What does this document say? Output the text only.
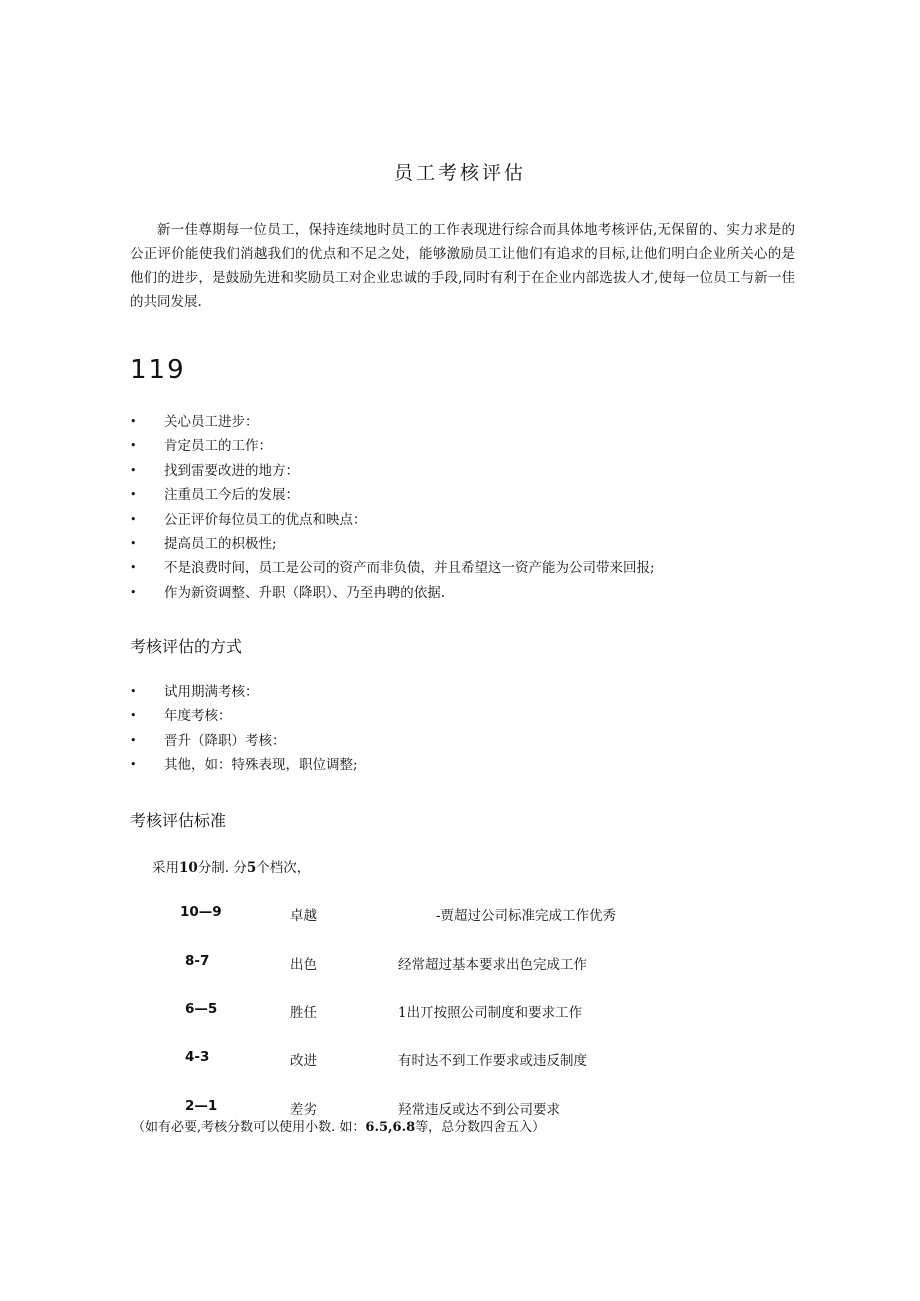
员工考核评估

新一佳尊期每一位员工，保持连续地时员工的工作表现进行综合而具体地考核评估,无保留的、实力求是的公正评价能使我们消越我们的优点和不足之处，能够激励员工让他们有追求的目标,让他们明白企业所关心的是他们的进步，是鼓励先进和奖励员工对企业忠诚的手段,同时有利于在企业内部选拔人才,使每一位员工与新一佳的共同发展.

119
• 关心员工进步：
• 肯定员工的工作：
• 找到雷要改进的地方：
• 注重员工今后的发展：
• 公正评价每位员工的优点和映点：
• 提高员工的枳极性;
• 不是浪费时间，员工是公司的资产而非负债，并且希望这一资产能为公司带来回报;
• 作为新资调整、升职（降职）、乃至冉聘的依据.
考核评估的方式
• 试用期满考核：
• 年度考核：
• 晋升（降职）考核：
• 其他，如：特殊表现，职位调整;
考核评估标准
采用10分制. 分5个档次，
10—9	卓越	-贾超过公司标准完成工作优秀
8-7	出色	经常超过基本要求出色完成工作
6—5	胜任	1出丌按照公司制度和要求工作
4-3	改进	有时达不到工作要求或违反制度
2—1	差劣	羟常违反或达不到公司要求
（如有必要,考核分数可以使用小数. 如：6.5,6.8等，总分数四舍五入）
